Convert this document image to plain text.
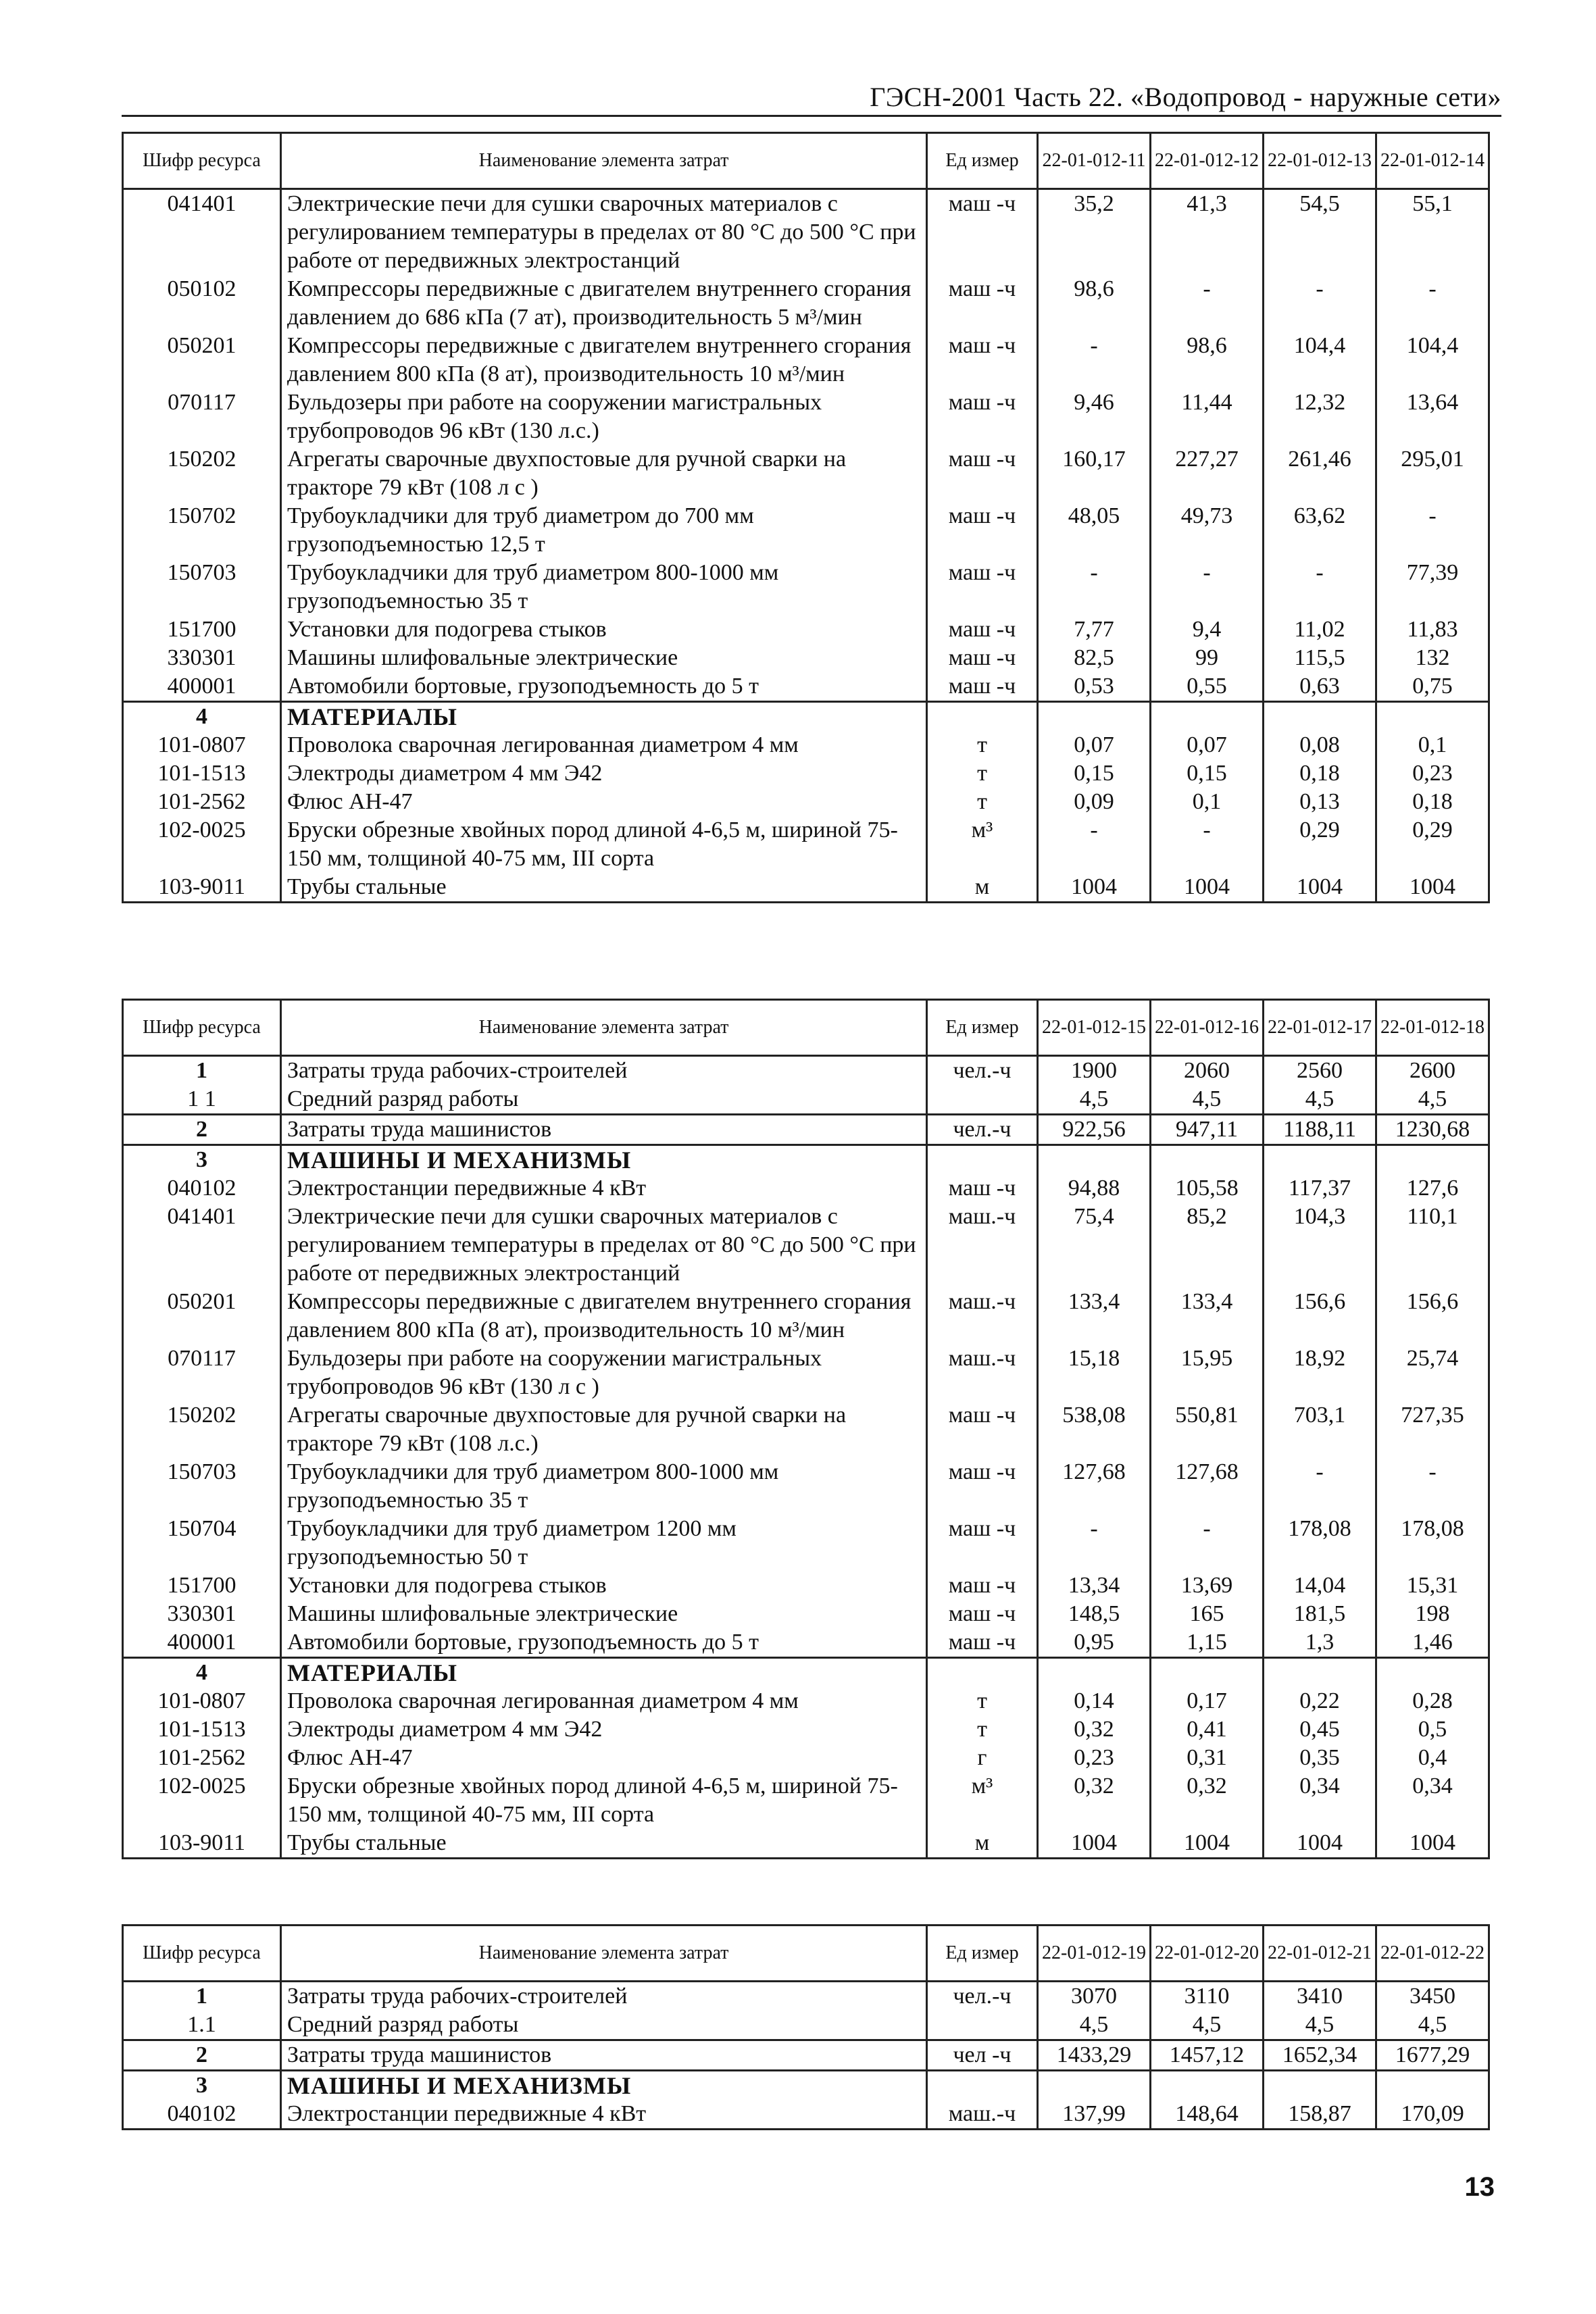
ГЭСН-2001 Часть 22. «Водопровод - наружные сети»
Шифр ресурса	Наименование элемента затрат	Ед измер	22-01-012-11	22-01-012-12	22-01-012-13	22-01-012-14
041401	Электрические печи для сушки сварочных материалов с регулированием температуры в пределах от 80 °С до 500 °С при работе от передвижных электростанций	маш -ч	35,2	41,3	54,5	55,1
050102	Компрессоры передвижные с двигателем внутреннего сгорания давлением до 686 кПа (7 ат), производительность 5 м³/мин	маш -ч	98,6	-	-	-
050201	Компрессоры передвижные с двигателем внутреннего сгорания давлением 800 кПа (8 ат), производительность 10 м³/мин	маш -ч	-	98,6	104,4	104,4
070117	Бульдозеры при работе на сооружении магистральных трубопроводов 96 кВт (130 л.с.)	маш -ч	9,46	11,44	12,32	13,64
150202	Агрегаты сварочные двухпостовые для ручной сварки на тракторе 79 кВт (108 л с )	маш -ч	160,17	227,27	261,46	295,01
150702	Трубоукладчики для труб диаметром до 700 мм грузоподъемностью 12,5 т	маш -ч	48,05	49,73	63,62	-
150703	Трубоукладчики для труб диаметром 800-1000 мм грузоподъемностью 35 т	маш -ч	-	-	-	77,39
151700	Установки для подогрева стыков	маш -ч	7,77	9,4	11,02	11,83
330301	Машины шлифовальные электрические	маш -ч	82,5	99	115,5	132
400001	Автомобили бортовые, грузоподъемность до 5 т	маш -ч	0,53	0,55	0,63	0,75
4	МАТЕРИАЛЫ					
101-0807	Проволока сварочная легированная диаметром 4 мм	т	0,07	0,07	0,08	0,1
101-1513	Электроды диаметром 4 мм Э42	т	0,15	0,15	0,18	0,23
101-2562	Флюс АН-47	т	0,09	0,1	0,13	0,18
102-0025	Бруски обрезные хвойных пород длиной 4-6,5 м, шириной 75-150 мм, толщиной 40-75 мм, III сорта	м³	-	-	0,29	0,29
103-9011	Трубы стальные	м	1004	1004	1004	1004
Шифр ресурса	Наименование элемента затрат	Ед измер	22-01-012-15	22-01-012-16	22-01-012-17	22-01-012-18
1	Затраты труда рабочих-строителей	чел.-ч	1900	2060	2560	2600
1 1	Средний разряд работы		4,5	4,5	4,5	4,5
2	Затраты труда машинистов	чел.-ч	922,56	947,11	1188,11	1230,68
3	МАШИНЫ И МЕХАНИЗМЫ					
040102	Электростанции передвижные 4 кВт	маш -ч	94,88	105,58	117,37	127,6
041401	Электрические печи для сушки сварочных материалов с регулированием температуры в пределах от 80 °С до 500 °С при работе от передвижных электростанций	маш.-ч	75,4	85,2	104,3	110,1
050201	Компрессоры передвижные с двигателем внутреннего сгорания давлением 800 кПа (8 ат), производительность 10 м³/мин	маш.-ч	133,4	133,4	156,6	156,6
070117	Бульдозеры при работе на сооружении магистральных трубопроводов 96 кВт (130 л с )	маш.-ч	15,18	15,95	18,92	25,74
150202	Агрегаты сварочные двухпостовые для ручной сварки на тракторе 79 кВт (108 л.с.)	маш -ч	538,08	550,81	703,1	727,35
150703	Трубоукладчики для труб диаметром 800-1000 мм грузоподъемностью 35 т	маш -ч	127,68	127,68	-	-
150704	Трубоукладчики для труб диаметром 1200 мм грузоподъемностью 50 т	маш -ч	-	-	178,08	178,08
151700	Установки для подогрева стыков	маш -ч	13,34	13,69	14,04	15,31
330301	Машины шлифовальные электрические	маш -ч	148,5	165	181,5	198
400001	Автомобили бортовые, грузоподъемность до 5 т	маш -ч	0,95	1,15	1,3	1,46
4	МАТЕРИАЛЫ					
101-0807	Проволока сварочная легированная диаметром 4 мм	т	0,14	0,17	0,22	0,28
101-1513	Электроды диаметром 4 мм Э42	т	0,32	0,41	0,45	0,5
101-2562	Флюс АН-47	г	0,23	0,31	0,35	0,4
102-0025	Бруски обрезные хвойных пород длиной 4-6,5 м, шириной 75-150 мм, толщиной 40-75 мм, III сорта	м³	0,32	0,32	0,34	0,34
103-9011	Трубы стальные	м	1004	1004	1004	1004
Шифр ресурса	Наименование элемента затрат	Ед измер	22-01-012-19	22-01-012-20	22-01-012-21	22-01-012-22
1	Затраты труда рабочих-строителей	чел.-ч	3070	3110	3410	3450
1.1	Средний разряд работы		4,5	4,5	4,5	4,5
2	Затраты труда машинистов	чел -ч	1433,29	1457,12	1652,34	1677,29
3	МАШИНЫ И МЕХАНИЗМЫ					
040102	Электростанции передвижные 4 кВт	маш.-ч	137,99	148,64	158,87	170,09
13
